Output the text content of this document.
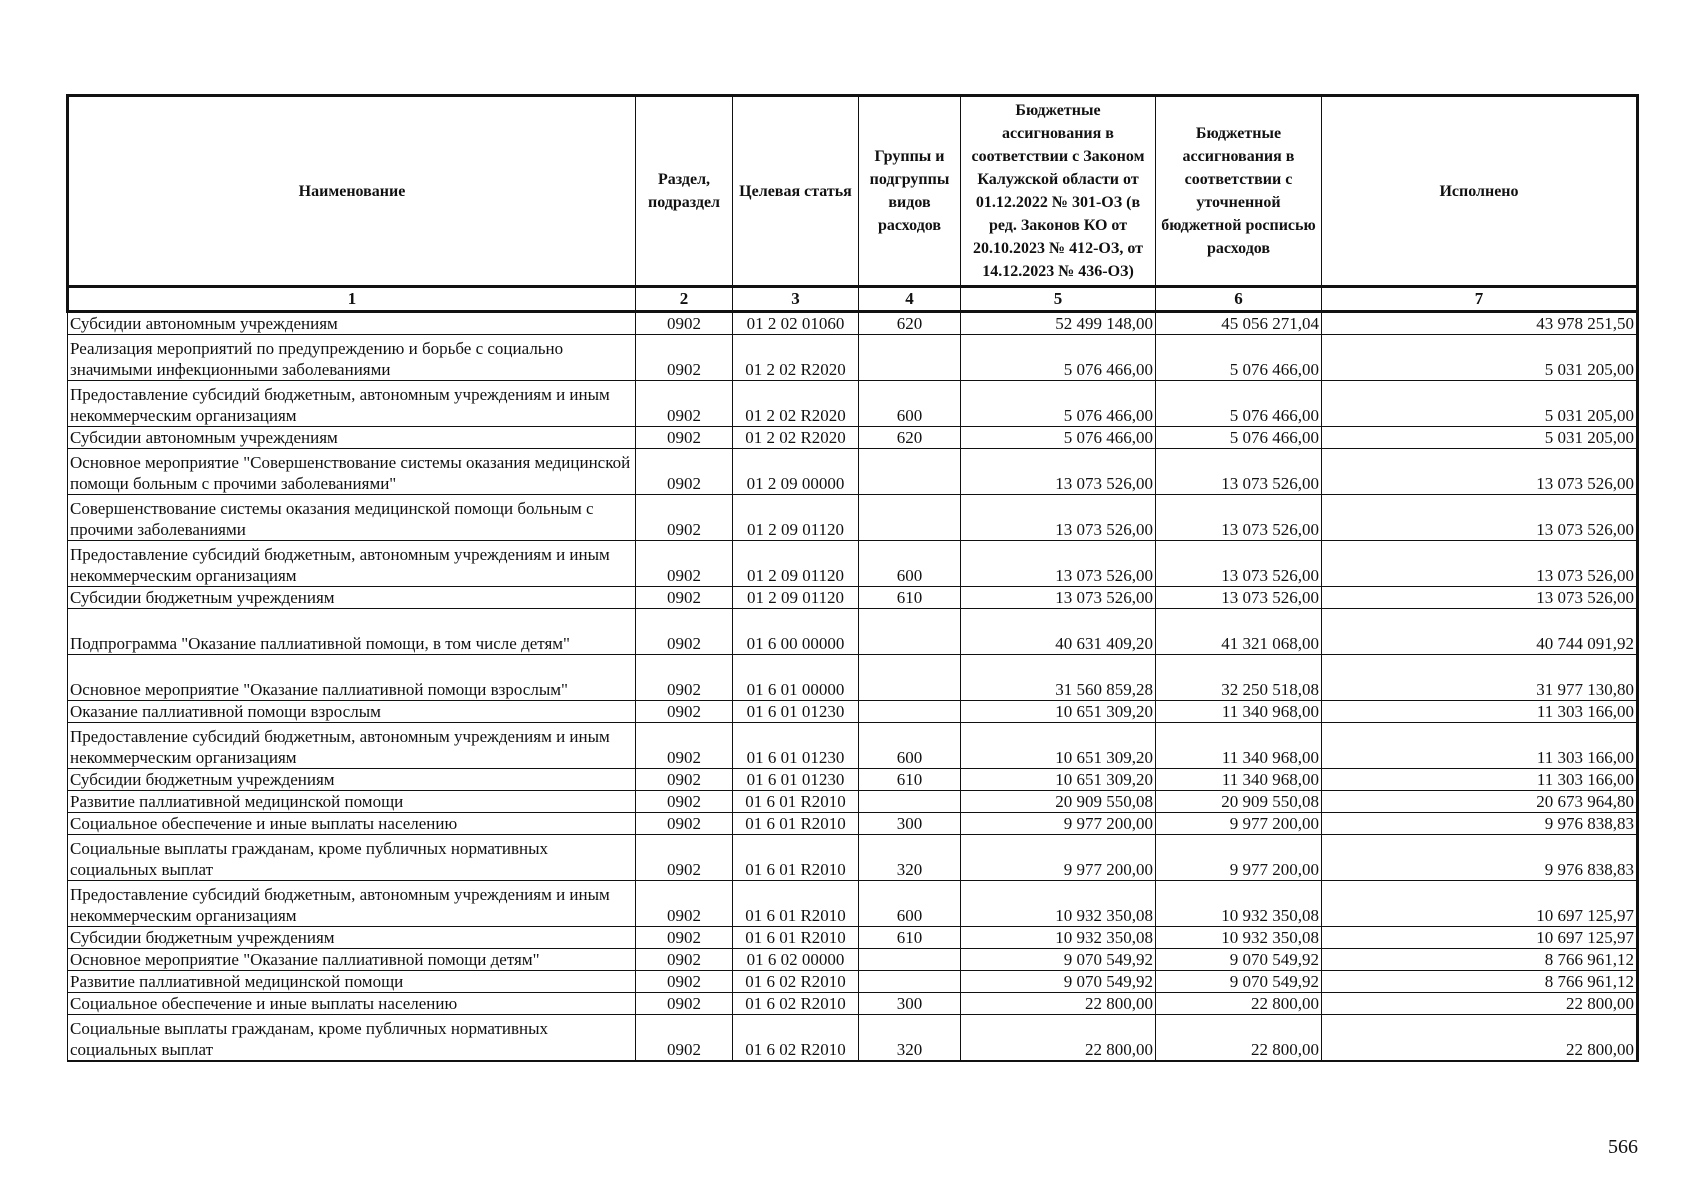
Наименование	Раздел, подраздел	Целевая статья	Группы и подгруппы видов расходов	Бюджетные ассигнования в соответствии с Законом Калужской области от 01.12.2022 № 301-ОЗ (в ред. Законов КО от 20.10.2023 № 412-ОЗ, от 14.12.2023 № 436-ОЗ)	Бюджетные ассигнования в соответствии с уточненной бюджетной росписью расходов	Исполнено
1	2	3	4	5	6	7
Субсидии автономным учреждениям	0902	01 2 02 01060	620	52 499 148,00	45 056 271,04	43 978 251,50
Реализация мероприятий по предупреждению и борьбе с социально значимыми инфекционными заболеваниями	0902	01 2 02 R2020		5 076 466,00	5 076 466,00	5 031 205,00
Предоставление субсидий бюджетным, автономным учреждениям и иным некоммерческим организациям	0902	01 2 02 R2020	600	5 076 466,00	5 076 466,00	5 031 205,00
Субсидии автономным учреждениям	0902	01 2 02 R2020	620	5 076 466,00	5 076 466,00	5 031 205,00
Основное мероприятие "Совершенствование системы оказания медицинской помощи больным с прочими заболеваниями"	0902	01 2 09 00000		13 073 526,00	13 073 526,00	13 073 526,00
Совершенствование системы оказания медицинской помощи больным с прочими заболеваниями	0902	01 2 09 01120		13 073 526,00	13 073 526,00	13 073 526,00
Предоставление субсидий бюджетным, автономным учреждениям и иным некоммерческим организациям	0902	01 2 09 01120	600	13 073 526,00	13 073 526,00	13 073 526,00
Субсидии бюджетным учреждениям	0902	01 2 09 01120	610	13 073 526,00	13 073 526,00	13 073 526,00
Подпрограмма "Оказание паллиативной помощи, в том числе детям"	0902	01 6 00 00000		40 631 409,20	41 321 068,00	40 744 091,92
Основное мероприятие "Оказание паллиативной помощи взрослым"	0902	01 6 01 00000		31 560 859,28	32 250 518,08	31 977 130,80
Оказание паллиативной помощи взрослым	0902	01 6 01 01230		10 651 309,20	11 340 968,00	11 303 166,00
Предоставление субсидий бюджетным, автономным учреждениям и иным некоммерческим организациям	0902	01 6 01 01230	600	10 651 309,20	11 340 968,00	11 303 166,00
Субсидии бюджетным учреждениям	0902	01 6 01 01230	610	10 651 309,20	11 340 968,00	11 303 166,00
Развитие паллиативной медицинской помощи	0902	01 6 01 R2010		20 909 550,08	20 909 550,08	20 673 964,80
Социальное обеспечение и иные выплаты населению	0902	01 6 01 R2010	300	9 977 200,00	9 977 200,00	9 976 838,83
Социальные выплаты гражданам, кроме публичных нормативных социальных выплат	0902	01 6 01 R2010	320	9 977 200,00	9 977 200,00	9 976 838,83
Предоставление субсидий бюджетным, автономным учреждениям и иным некоммерческим организациям	0902	01 6 01 R2010	600	10 932 350,08	10 932 350,08	10 697 125,97
Субсидии бюджетным учреждениям	0902	01 6 01 R2010	610	10 932 350,08	10 932 350,08	10 697 125,97
Основное мероприятие "Оказание паллиативной помощи детям"	0902	01 6 02 00000		9 070 549,92	9 070 549,92	8 766 961,12
Развитие паллиативной медицинской помощи	0902	01 6 02 R2010		9 070 549,92	9 070 549,92	8 766 961,12
Социальное обеспечение и иные выплаты населению	0902	01 6 02 R2010	300	22 800,00	22 800,00	22 800,00
Социальные выплаты гражданам, кроме публичных нормативных социальных выплат	0902	01 6 02 R2010	320	22 800,00	22 800,00	22 800,00
566
